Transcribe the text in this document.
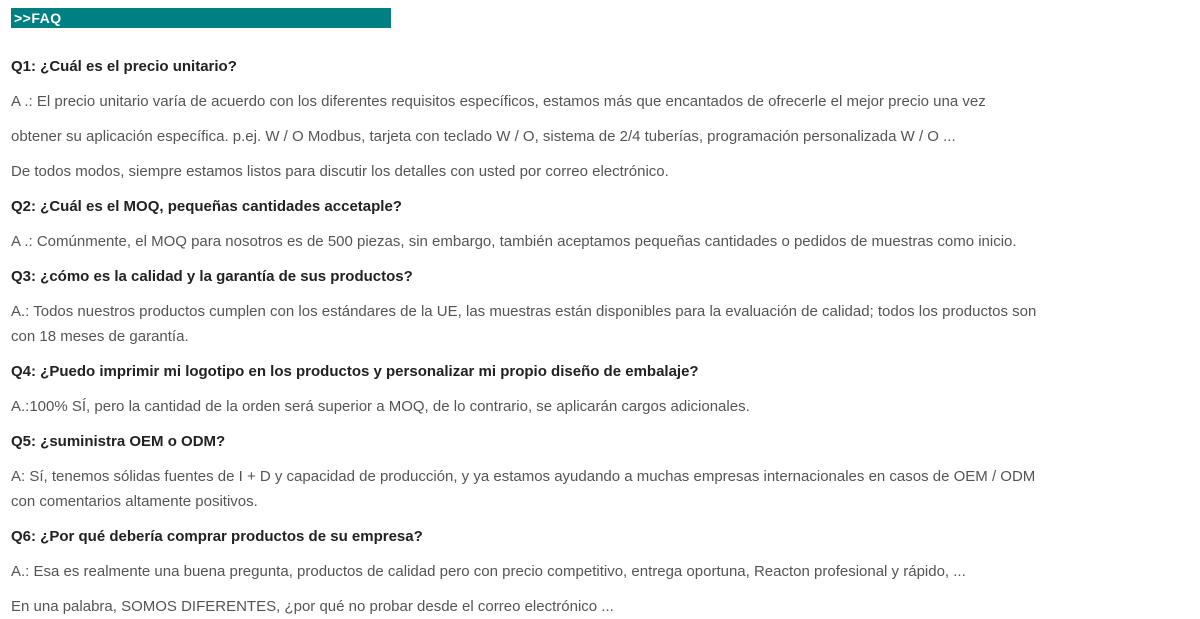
>>FAQ

Q1: ¿Cuál es el precio unitario?

A .: El precio unitario varía de acuerdo con los diferentes requisitos específicos, estamos más que encantados de ofrecerle el mejor precio una vez

obtener su aplicación específica. p.ej. W / O Modbus, tarjeta con teclado W / O, sistema de 2/4 tuberías, programación personalizada W / O ...

De todos modos, siempre estamos listos para discutir los detalles con usted por correo electrónico.

Q2: ¿Cuál es el MOQ, pequeñas cantidades accetaple?

A .: Comúnmente, el MOQ para nosotros es de 500 piezas, sin embargo, también aceptamos pequeñas cantidades o pedidos de muestras como inicio.

Q3: ¿cómo es la calidad y la garantía de sus productos?

A.: Todos nuestros productos cumplen con los estándares de la UE, las muestras están disponibles para la evaluación de calidad; todos los productos son con 18 meses de garantía.

Q4: ¿Puedo imprimir mi logotipo en los productos y personalizar mi propio diseño de embalaje?

A.:100% SÍ, pero la cantidad de la orden será superior a MOQ, de lo contrario, se aplicarán cargos adicionales.

Q5: ¿suministra OEM o ODM?

A: Sí, tenemos sólidas fuentes de I + D y capacidad de producción, y ya estamos ayudando a muchas empresas internacionales en casos de OEM / ODM con comentarios altamente positivos.

Q6: ¿Por qué debería comprar productos de su empresa?

A.: Esa es realmente una buena pregunta, productos de calidad pero con precio competitivo, entrega oportuna, Reacton profesional y rápido, ...

En una palabra, SOMOS DIFERENTES, ¿por qué no probar desde el correo electrónico ...
